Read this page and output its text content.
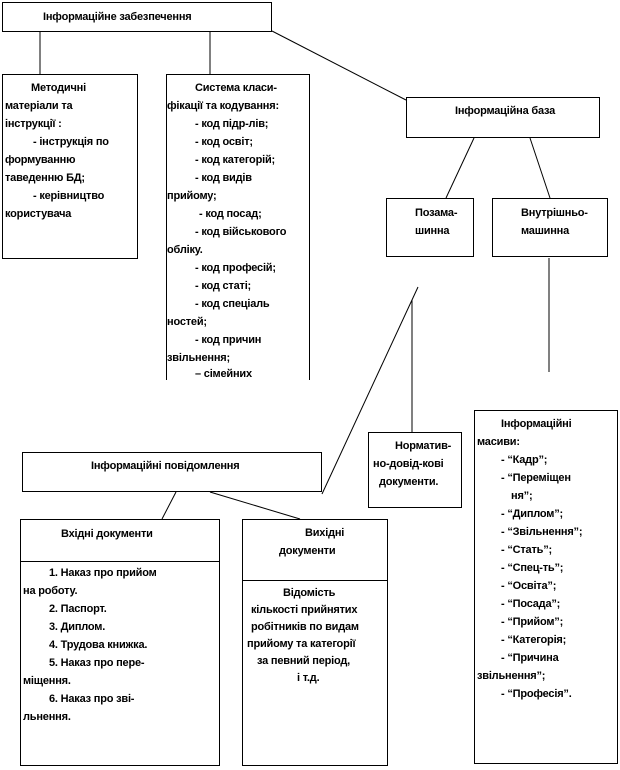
Інформаційне забезпечення
Методичні
матеріали та
інструкції :
- інструкція по
формуванню
таведенню БД;
- керівництво
користувача
Система класи-
фікації та кодування:
- код підр-лів;
- код освіт;
- код категорій;
- код видів
прийому;
- код посад;
- код військового
обліку.
- код професій;
- код статі;
- код спеціаль
ностей;
- код причин
звільнення;
– сімейних
Інформаційна база
Позама-
шинна
Внутрішньо-
машинна
Норматив-
но-довід-кові
документи.
Інформаційні
масиви:
- “Кадр”;
- “Переміщен
ня”;
- “Диплом”;
- “Звільнення”;
- “Стать”;
- “Спец-ть”;
- “Освіта”;
- “Посада”;
- “Прийом”;
- “Категорія;
- “Причина
звільнення”;
- “Професія”.
Інформаційні повідомлення
Вхідні документи
1. Наказ про прийом
на роботу.
2. Паспорт.
3. Диплом.
4. Трудова книжка.
5. Наказ про пере-
міщення.
6. Наказ про зві-
льнення.
Вихідні
документи
Відомість
кількості прийнятих
робітників по видам
прийому та категорії
за певний період,
і т.д.
